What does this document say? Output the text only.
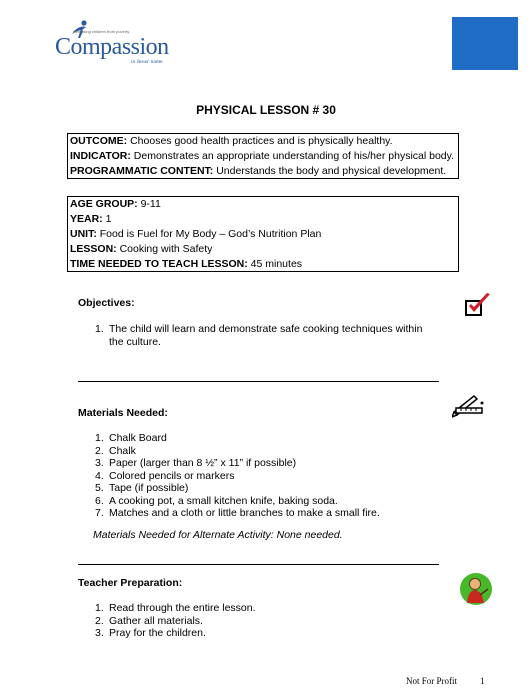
Releasing children from poverty
Compassion
in Jesus' name
PHYSICAL LESSON # 30
OUTCOME: Chooses good health practices and is physically healthy.
INDICATOR: Demonstrates an appropriate understanding of his/her physical body.
PROGRAMMATIC CONTENT: Understands the body and physical development.
AGE GROUP: 9-11
YEAR: 1
UNIT: Food is Fuel for My Body – God’s Nutrition Plan
LESSON: Cooking with Safety
TIME NEEDED TO TEACH LESSON: 45 minutes
Objectives:
1. The child will learn and demonstrate safe cooking techniques within
the culture.
Materials Needed:
1. Chalk Board
2. Chalk
3. Paper (larger than 8 ½” x 11” if possible)
4. Colored pencils or markers
5. Tape (if possible)
6. A cooking pot, a small kitchen knife, baking soda.
7. Matches and a cloth or little branches to make a small fire.
Materials Needed for Alternate Activity: None needed.
Teacher Preparation:
1. Read through the entire lesson.
2. Gather all materials.
3. Pray for the children.
Not For Profit	1
